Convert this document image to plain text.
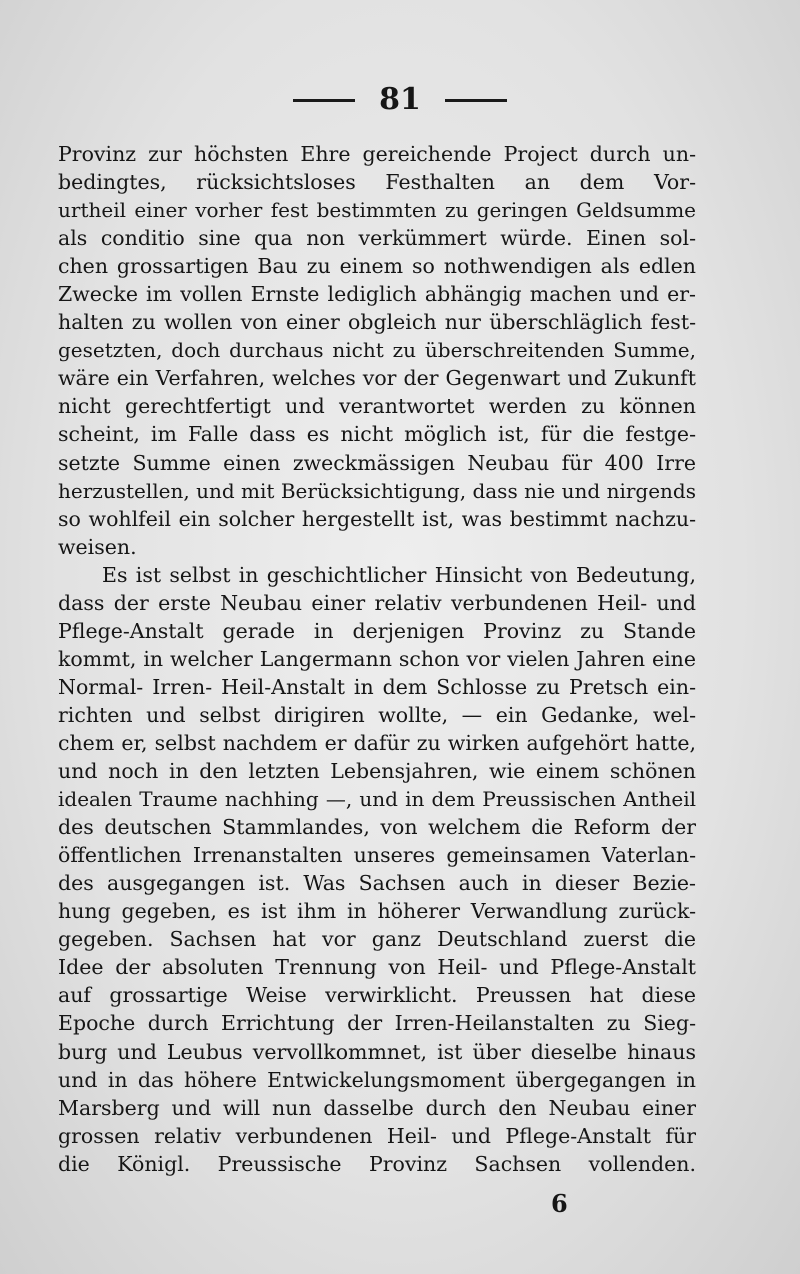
81
Provinz zur höchsten Ehre gereichende Project durch un-
bedingtes, rücksichtsloses Festhalten an dem Vor-
urtheil einer vorher fest bestimmten zu geringen Geldsumme
als conditio sine qua non verkümmert würde. Einen sol-
chen grossartigen Bau zu einem so nothwendigen als edlen
Zwecke im vollen Ernste lediglich abhängig machen und er-
halten zu wollen von einer obgleich nur überschläglich fest-
gesetzten, doch durchaus nicht zu überschreitenden Summe,
wäre ein Verfahren, welches vor der Gegenwart und Zukunft
nicht gerechtfertigt und verantwortet werden zu können
scheint, im Falle dass es nicht möglich ist, für die festge-
setzte Summe einen zweckmässigen Neubau für 400 Irre
herzustellen, und mit Berücksichtigung, dass nie und nirgends
so wohlfeil ein solcher hergestellt ist, was bestimmt nachzu-
weisen.
Es ist selbst in geschichtlicher Hinsicht von Bedeutung,
dass der erste Neubau einer relativ verbundenen Heil- und
Pflege-Anstalt gerade in derjenigen Provinz zu Stande
kommt, in welcher Langermann schon vor vielen Jahren eine
Normal- Irren- Heil-Anstalt in dem Schlosse zu Pretsch ein-
richten und selbst dirigiren wollte, — ein Gedanke, wel-
chem er, selbst nachdem er dafür zu wirken aufgehört hatte,
und noch in den letzten Lebensjahren, wie einem schönen
idealen Traume nachhing —, und in dem Preussischen Antheil
des deutschen Stammlandes, von welchem die Reform der
öffentlichen Irrenanstalten unseres gemeinsamen Vaterlan-
des ausgegangen ist. Was Sachsen auch in dieser Bezie-
hung gegeben, es ist ihm in höherer Verwandlung zurück-
gegeben. Sachsen hat vor ganz Deutschland zuerst die
Idee der absoluten Trennung von Heil- und Pflege-Anstalt
auf grossartige Weise verwirklicht. Preussen hat diese
Epoche durch Errichtung der Irren-Heilanstalten zu Sieg-
burg und Leubus vervollkommnet, ist über dieselbe hinaus
und in das höhere Entwickelungsmoment übergegangen in
Marsberg und will nun dasselbe durch den Neubau einer
grossen relativ verbundenen Heil- und Pflege-Anstalt für
die Königl. Preussische Provinz Sachsen vollenden.
6
